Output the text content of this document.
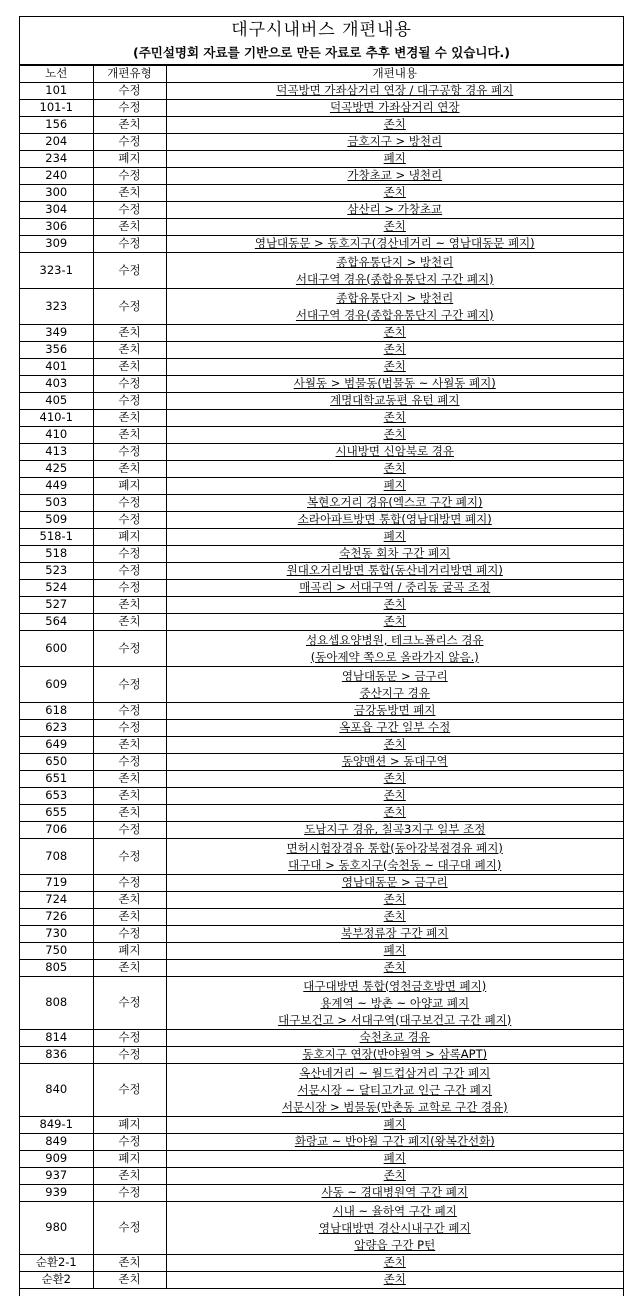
대구시내버스 개편내용
(주민설명회 자료를 기반으로 만든 자료로 추후 변경될 수 있습니다.)
노선	개편유형	개편내용
101	수정	덕곡방면 가좌삼거리 연장 / 대구공항 경유 폐지

101-1	수정	덕곡방면 가좌삼거리 연장

156	존치	존치

204	수정	금호지구 > 방천리

234	폐지	폐지

240	수정	가창초교 > 냉천리

300	존치	존치

304	수정	삼산리 > 가창초교

306	존치	존치

309	수정	영남대동문 > 동호지구(경산네거리 ~ 영남대동문 폐지)

323-1	수정	종합유통단지 > 방천리
서대구역 경유(종합유통단지 구간 폐지)

323	수정	종합유통단지 > 방천리
서대구역 경유(종합유통단지 구간 폐지)

349	존치	존치

356	존치	존치

401	존치	존치

403	수정	사월동 > 범물동(범물동 ~ 사월동 폐지)

405	수정	계명대학교동편 유턴 폐지

410-1	존치	존치

410	존치	존치

413	수정	시내방면 신암북로 경유

425	존치	존치

449	폐지	폐지

503	수정	복현오거리 경유(엑스코 구간 폐지)

509	수정	소라아파트방면 통합(영남대방면 폐지)

518-1	폐지	폐지

518	수정	숙천동 회차 구간 폐지

523	수정	원대오거리방면 통합(동산네거리방면 폐지)

524	수정	매곡리 > 서대구역 / 중리동 굴곡 조정

527	존치	존치

564	존치	존치

600	수정	성요셉요양병원, 테크노폴리스 경유
(동아제약 쪽으로 올라가지 않음.)

609	수정	영남대동문 > 금구리
중산지구 경유

618	수정	금강동방면 폐지

623	수정	옥포읍 구간 일부 수정

649	존치	존치

650	수정	동양맨션 > 동대구역

651	존치	존치

653	존치	존치

655	존치	존치

706	수정	도남지구 경유, 칠곡3지구 일부 조정

708	수정	면허시험장경유 통합(동아강북점경유 폐지)
대구대 > 동호지구(숙천동 ~ 대구대 폐지)

719	수정	영남대동문 > 금구리

724	존치	존치

726	존치	존치

730	수정	북부정류장 구간 폐지

750	폐지	폐지

805	존치	존치

808	수정	대구대방면 통합(영천금호방면 폐지)
용계역 ~ 방촌 ~ 아양교 폐지
대구보건고 > 서대구역(대구보건고 구간 폐지)

814	수정	숙천초교 경유

836	수정	동호지구 연장(반야월역 > 삼록APT)

840	수정	옥산네거리 ~ 월드컵삼거리 구간 폐지
서문시장 ~ 달티고가교 인근 구간 폐지
서문시장 > 범물동(만촌동 교학로 구간 경유)

849-1	폐지	폐지

849	수정	화랑교 ~ 반야월 구간 폐지(왕복간선화)

909	폐지	폐지

937	존치	존치

939	수정	사동 ~ 경대병원역 구간 폐지

980	수정	시내 ~ 율하역 구간 폐지
영남대방면 경산시내구간 폐지
압량읍 구간 P턴

순환2-1	존치	존치

순환2	존치	존치
